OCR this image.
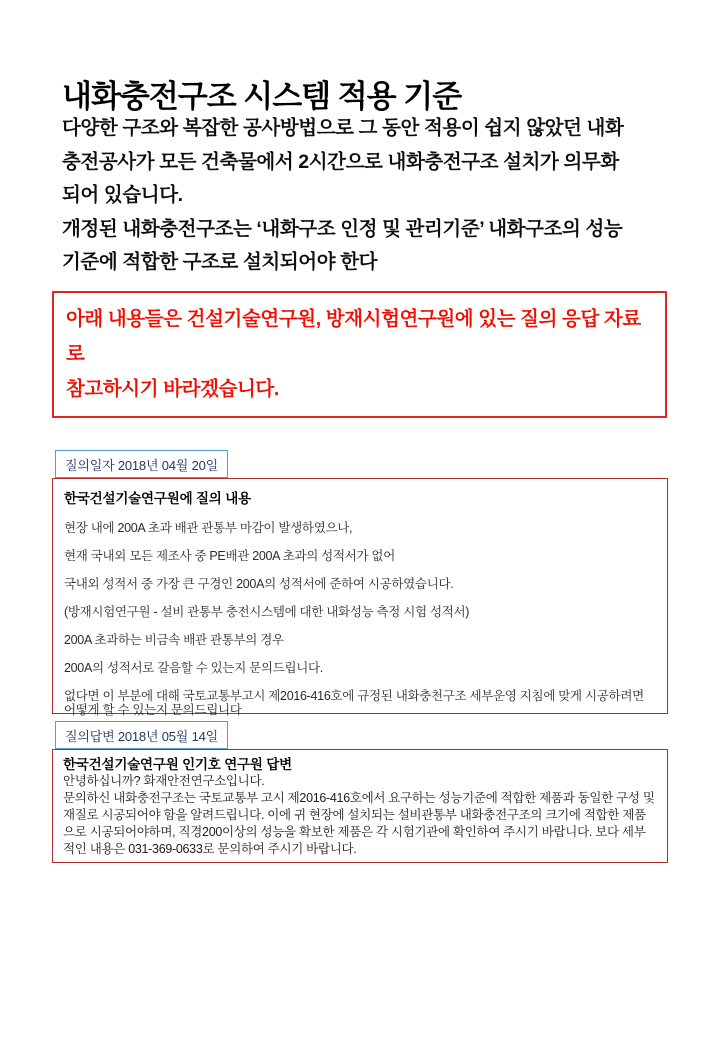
내화충전구조 시스템 적용 기준
다양한 구조와 복잡한 공사방법으로 그 동안 적용이 쉽지 않았던 내화
충전공사가 모든 건축물에서 2시간으로 내화충전구조 설치가 의무화
되어 있습니다.
개정된 내화충전구조는 ‘내화구조 인정 및 관리기준’ 내화구조의 성능
기준에 적합한 구조로 설치되어야 한다
아래 내용들은 건설기술연구원, 방재시험연구원에 있는 질의 응답 자료로
참고하시기 바라겠습니다.
질의일자 2018년 04월 20일
한국건설기술연구원에 질의 내용

현장 내에 200A 초과 배관 관통부 마감이 발생하였으나,

현재 국내외 모든 제조사 중 PE배관 200A 초과의 성적서가 없어

국내외 성적서 중 가장 큰 구경인 200A의 성적서에 준하여 시공하였습니다.

(방재시험연구원 - 설비 관통부 충전시스템에 대한 내화성능 측정 시험 성적서)

200A 초과하는 비금속 배관 관통부의 경우

200A의 성적서로 갈음할 수 있는지 문의드립니다.

없다면 이 부분에 대해 국토교통부고시 제2016-416호에 규정된 내화충천구조 세부운영 지침에 맞게 시공하려면 어떻게 할 수 있는지 문의드립니다

질의답변 2018년 05월 14일
한국건설기술연구원 인기호 연구원 답변
안녕하십니까? 화재안전연구소입니다.
문의하신 내화충전구조는 국토교통부 고시 제2016-416호에서 요구하는 성능기준에 적합한 제품과 동일한 구성 및 재질로 시공되어야 함을 알려드립니다. 이에 귀 현장에 설치되는 설비관통부 내화충전구조의 크기에 적합한 제품으로 시공되어야하며, 직경200이상의 성능을 확보한 제품은 각 시험기관에 확인하여 주시기 바랍니다. 보다 세부적인 내용은 031-369-0633로 문의하여 주시기 바랍니다.
